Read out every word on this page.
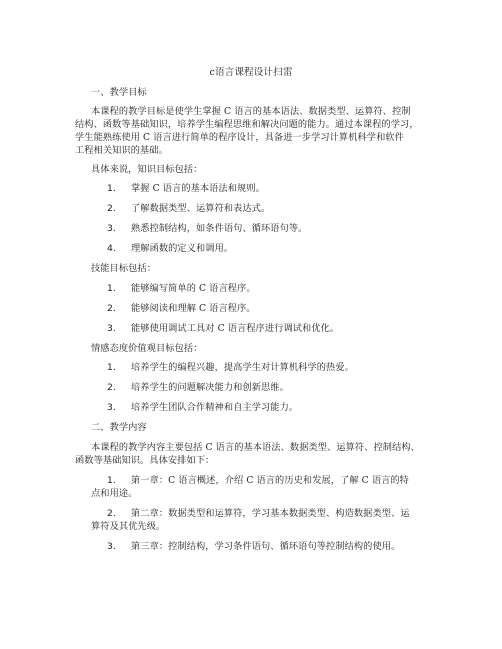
c语言课程设计扫雷
一、教学目标
本课程的教学目标是使学生掌握 C 语言的基本语法、数据类型、运算符、控制
结构、函数等基础知识，培养学生编程思维和解决问题的能力。通过本课程的学习，
学生能熟练使用 C 语言进行简单的程序设计，具备进一步学习计算机科学和软件
工程相关知识的基础。
具体来说，知识目标包括：
1. 掌握 C 语言的基本语法和规则。
2. 了解数据类型、运算符和表达式。
3. 熟悉控制结构，如条件语句、循环语句等。
4. 理解函数的定义和调用。
技能目标包括：
1. 能够编写简单的 C 语言程序。
2. 能够阅读和理解 C 语言程序。
3. 能够使用调试工具对 C 语言程序进行调试和优化。
情感态度价值观目标包括：
1. 培养学生的编程兴趣，提高学生对计算机科学的热爱。
2. 培养学生的问题解决能力和创新思维。
3. 培养学生团队合作精神和自主学习能力。
二、教学内容
本课程的教学内容主要包括 C 语言的基本语法、数据类型、运算符、控制结构、
函数等基础知识。具体安排如下：
1. 第一章：C 语言概述，介绍 C 语言的历史和发展，了解 C 语言的特
点和用途。
2. 第二章：数据类型和运算符，学习基本数据类型、构造数据类型、运
算符及其优先级。
3. 第三章：控制结构，学习条件语句、循环语句等控制结构的使用。
